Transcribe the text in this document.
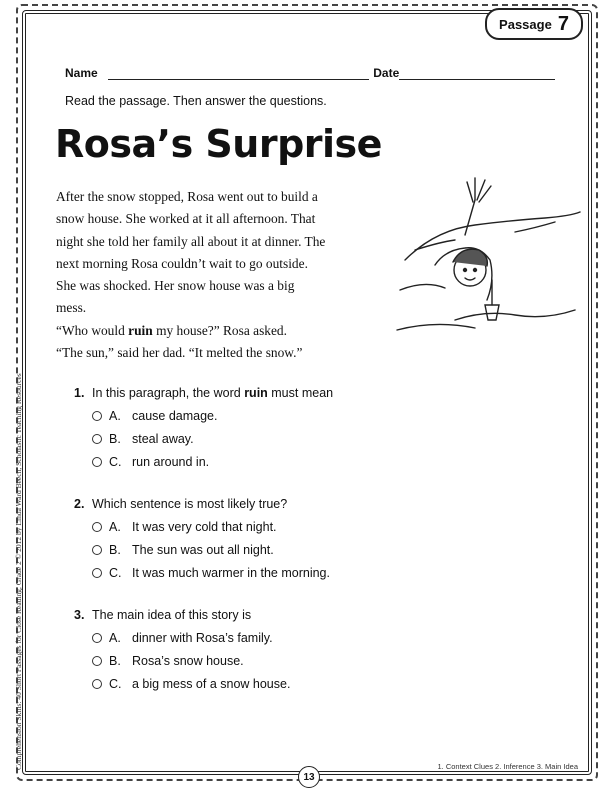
Passage 7
Name	Date
Read the passage. Then answer the questions.
Rosa’s Surprise

After the snow stopped, Rosa went out to build a snow house. She worked at it all afternoon. That night she told her family all about it at dinner. The next morning Rosa couldn’t wait to go outside. She was shocked. Her snow house was a big mess.

“Who would ruin my house?” Rosa asked.

“The sun,” said her dad. “It melted the snow.”

1. In this paragraph, the word ruin must mean
A. cause damage.
B. steal away.
C. run around in.
2. Which sentence is most likely true?
A. It was very cold that night.
B. The sun was out all night.
C. It was much warmer in the morning.
3. The main idea of this story is
A. dinner with Rosa’s family.
B. Rosa’s snow house.
C. a big mess of a snow house.
Comprehension Skills: 40 Short Passages for Close Reading, Grade 2 © 2012 by Linda Ward Beech, Scholastic Teaching Resources	1. Context Clues 2. Inference 3. Main Idea
13
